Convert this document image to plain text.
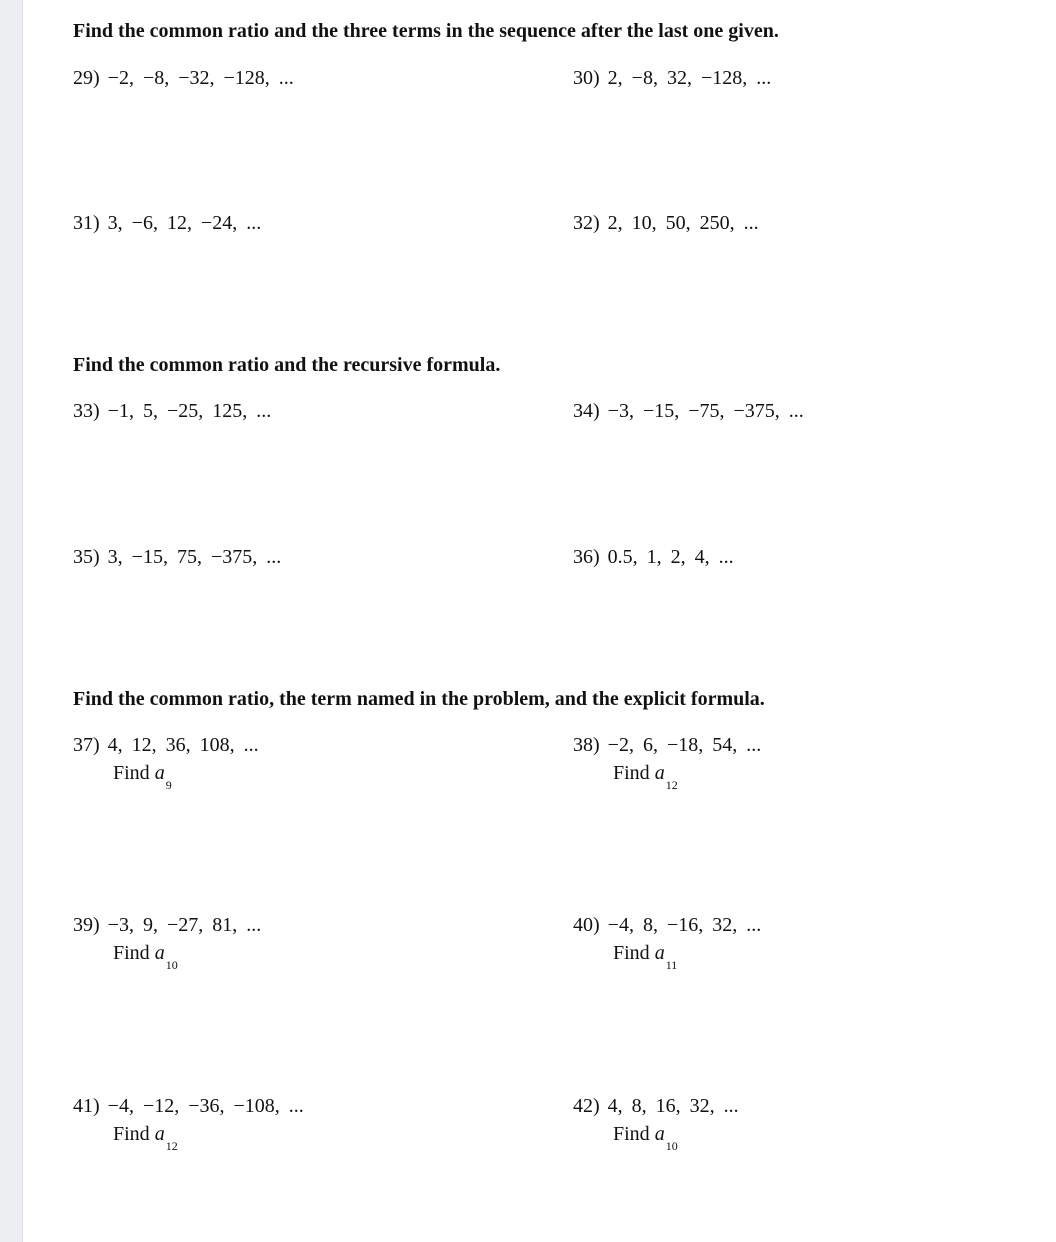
Find the common ratio and the three terms in the sequence after the last one given.
29) −2, −8, −32, −128, ...	30) 2, −8, 32, −128, ...
31) 3, −6, 12, −24, ...	32) 2, 10, 50, 250, ...
Find the common ratio and the recursive formula.
33) −1, 5, −25, 125, ...	34) −3, −15, −75, −375, ...
35) 3, −15, 75, −375, ...	36) 0.5, 1, 2, 4, ...
Find the common ratio, the term named in the problem, and the explicit formula.
37) 4, 12, 36, 108, ...
Find $a_9$
38) −2, 6, −18, 54, ...
Find $a_{12}$
39) −3, 9, −27, 81, ...
Find $a_{10}$
40) −4, 8, −16, 32, ...
Find $a_{11}$
41) −4, −12, −36, −108, ...
Find $a_{12}$
42) 4, 8, 16, 32, ...
Find $a_{10}$
